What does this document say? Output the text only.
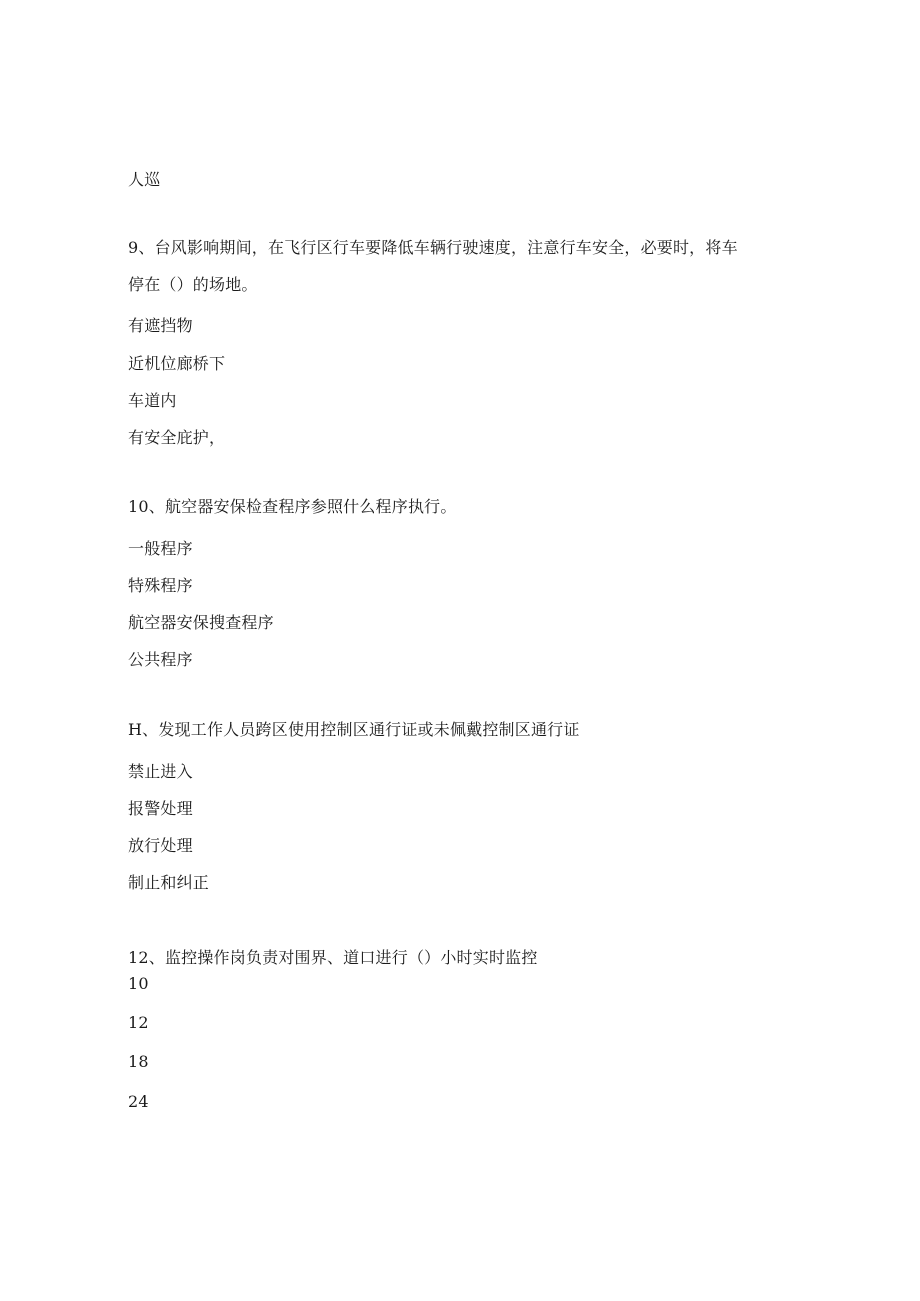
人巡
9、台风影响期间，在飞行区行车要降低车辆行驶速度，注意行车安全，必要时，将车
停在（）的场地。
有遮挡物
近机位廊桥下
车道内
有安全庇护，
10、航空器安保检查程序参照什么程序执行。
一般程序
特殊程序
航空器安保搜查程序
公共程序
H、发现工作人员跨区使用控制区通行证或未佩戴控制区通行证
禁止进入
报警处理
放行处理
制止和纠正
12、监控操作岗负责对围界、道口进行（）小时实时监控
10
12
18
24
